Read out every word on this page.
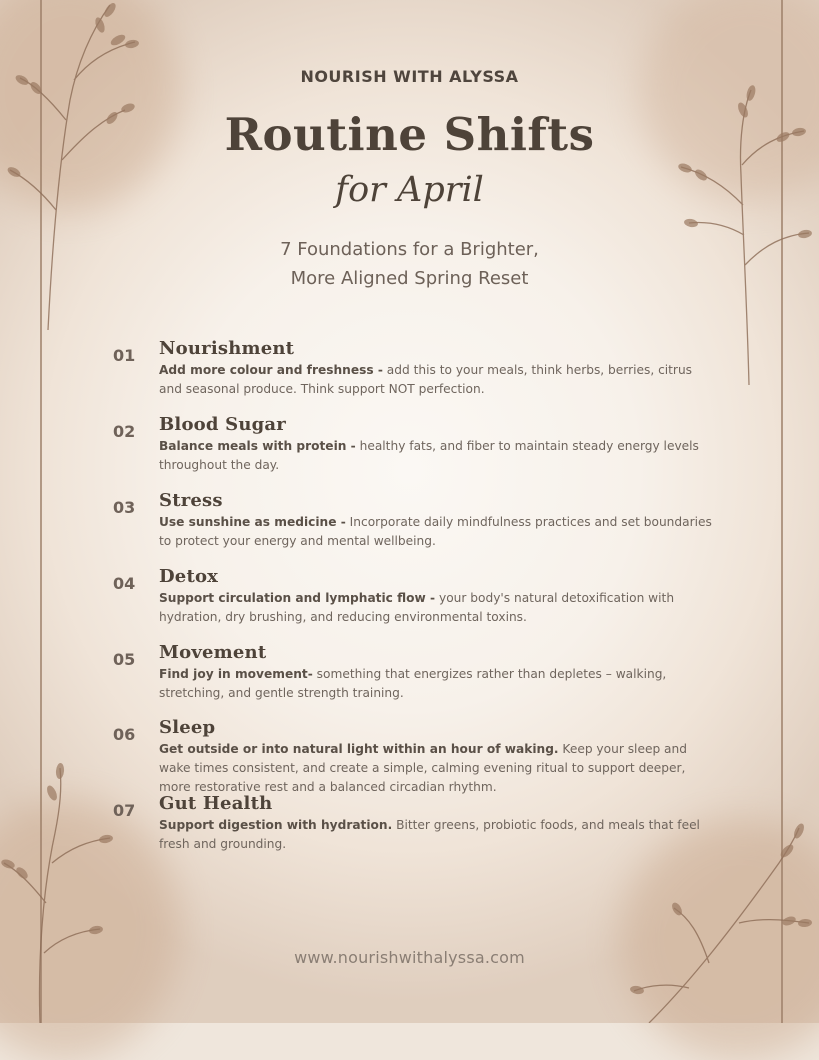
NOURISH WITH ALYSSA
Routine Shifts
for April
7 Foundations for a Brighter,
More Aligned Spring Reset
01 Nourishment
Add more colour and freshness - add this to your meals, think herbs, berries, citrus and seasonal produce. Think support NOT perfection.
02 Blood Sugar
Balance meals with protein - healthy fats, and fiber to maintain steady energy levels throughout the day.
03 Stress
Use sunshine as medicine - Incorporate daily mindfulness practices and set boundaries to protect your energy and mental wellbeing.
04 Detox
Support circulation and lymphatic flow - your body's natural detoxification with hydration, dry brushing, and reducing environmental toxins.
05 Movement
Find joy in movement- something that energizes rather than depletes – walking, stretching, and gentle strength training.
06 Sleep
Get outside or into natural light within an hour of waking. Keep your sleep and wake times consistent, and create a simple, calming evening ritual to support deeper, more restorative rest and a balanced circadian rhythm.
07 Gut Health
Support digestion with hydration. Bitter greens, probiotic foods, and meals that feel fresh and grounding.
www.nourishwithalyssa.com
